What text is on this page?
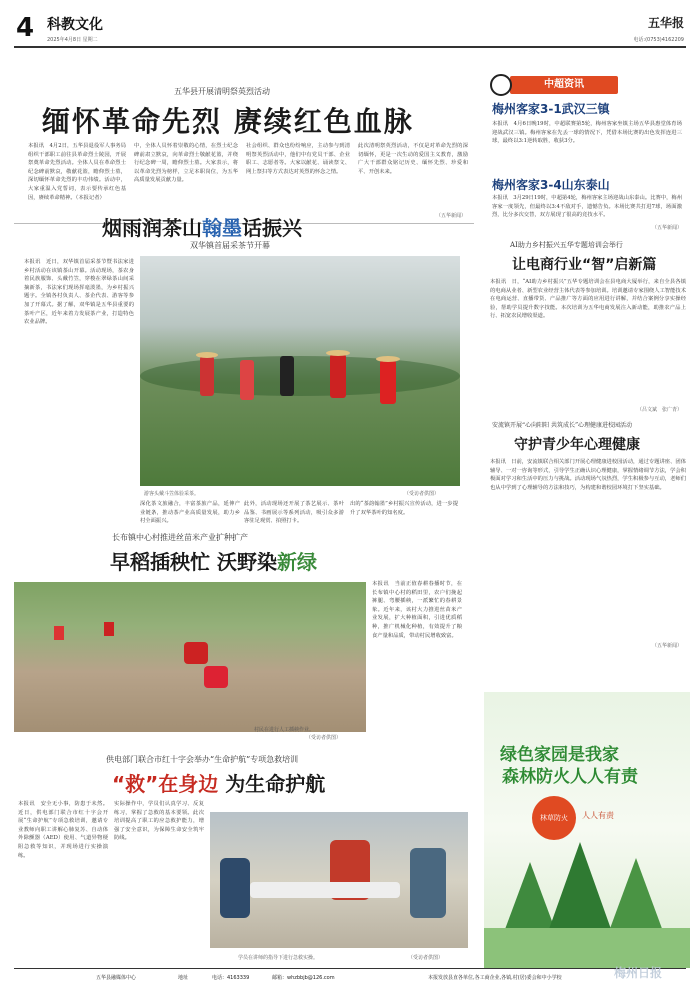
4 科教文化
2025年4月8日 星期二
五华报
电话:(0753)4162209
五华县开展清明祭英烈活动
缅怀革命先烈 赓续红色血脉
本报讯　4月2日，五华县退役军人事务局组织干部职工前往县革命烈士陵园，开展祭奠革命先烈活动。全体人员在革命烈士纪念碑前默哀，敬献花篮，瞻仰烈士墓，深切缅怀革命先烈的丰功伟绩。活动中，大家重温入党誓词，表示要传承红色基因，赓续革命精神。（本报记者）
中，全体人员怀着崇敬的心情，在烈士纪念碑前肃立默哀，向革命烈士敬献花篮，并绕行纪念碑一周，瞻仰烈士墓。大家表示，将以革命先烈为榜样，立足本职岗位，为五华高质量发展贡献力量。
社会组织、群众也纷纷响应，主动参与到清明祭英烈活动中，他们中有党员干部、企业职工、志愿者等。大家以献花、诵读祭文、网上祭扫等方式表达对英烈的怀念之情。
此次清明祭英烈活动，不仅是对革命先烈的深切缅怀，更是一次生动的爱国主义教育，激励广大干部群众铭记历史、缅怀先烈、珍爱和平、开创未来。
（五华新闻）
中超资讯
梅州客家3-1武汉三镇
本报讯　4月6日晚19时，中超联赛第5轮，梅州客家坐镇主场五华县惠堂体育场迎战武汉三镇。梅州客家在先丢一球的情况下，凭借本场比赛的出色发挥连进三球，最终以3:1逆转取胜，收获3分。
梅州客家3-4山东泰山
本报讯　3月29日19时，中超第4轮，梅州客家主场迎战山东泰山。比赛中，梅州客家一度领先，但最终以3:4不敌对手，遗憾告负。本场比赛共打进7球，场面激烈，比分多次交替，双方展现了很高的竞技水平。
（五华新闻）
烟雨润茶山翰墨话振兴
双华镇首届采茶节开幕
本报讯　近日，双华镇首届采茶节暨书法家进乡村活动在该镇茶山开幕。活动现场，茶农身着民族服饰、头戴竹笠，穿梭在翠绿茶山间采摘新茶，书法家们现场挥毫泼墨，为乡村振兴题字。全镇各村负责人、茶企代表、游客等参加了开幕式。据了解，双华镇是五华县重要的茶叶产区，近年来着力发展茶产业，打造特色农业品牌。
游客头戴斗笠体验采茶。	（受访者供图）
深化茶文旅融合，丰富茶旅产品，延伸产业链条，推动茶产业高质量发展，助力乡村全面振兴。
此外，活动现场还开展了茶艺展示、茶叶品鉴、书画展示等系列活动，吸引众多游客驻足观赏、拍照打卡。
出的“茶韵翰墨”乡村振兴宣传活动，进一步提升了双华茶叶的知名度。
AI助力乡村振兴五华专题培训会举行
让电商行业“智”启新篇
本报讯　日，“AI助力乡村振兴”五华专题培训会在县电商大厦举行，来自全县各镇的电商从业者、新型农业经营主体代表等参加培训。培训邀请专家围绕人工智能技术在电商运营、直播带货、产品推广等方面的应用进行讲解，并结合案例分享实操经验，帮助学员提升数字技能。本次培训为五华电商发展注入新动能，助推农产品上行、拓宽农民增收渠道。
（吕文斌　张广青）
安流镇开展“心向阳阳 共筑成长”心理健康进校园活动
守护青少年心理健康
本报讯　日前，安流镇联合相关部门开展心理健康进校园活动，通过专题讲座、团体辅导、一对一咨询等形式，引导学生正确认识心理健康，掌握情绪调节方法，学会积极面对学习和生活中的压力与挑战。活动现场气氛热烈，学生积极参与互动，老师们也从中学到了心理辅导的方法和技巧，为构建和谐校园环境打下坚实基础。
（五华新闻）
长布镇中心村推进丝苗米产业扩种扩产
早稻插秧忙 沃野染新绿
村民在进行人工插秧作业。
（受访者供图）
本报讯　当前正值春耕春播时节，在长布镇中心村的稻田里，农户们挽起裤腿、弯腰插秧，一派繁忙的春耕景象。近年来，该村大力推进丝苗米产业发展，扩大种植面积，引进优质稻种，推广机械化种植，有效提升了粮食产量和品质，带动村民增收致富。
供电部门联合市红十字会举办“生命护航”专项急救培训
“救”在身边 为生命护航
本报讯　安全无小事，防患于未然。近日，供电部门联合市红十字会开展“生命护航”专项急救培训，邀请专业教师向职工讲解心肺复苏、自动体外除颤器（AED）使用、气道异物梗阻急救等知识，并现场进行实操演练。
实际操作中，学员们认真学习、反复练习，掌握了急救的基本要领。此次培训提高了职工的应急救护能力，增强了安全意识，为保障生命安全筑牢防线。
学员在讲师的指导下进行急救实操。	（受访者供图）
绿色家园是我家
森林防火人人有责
林草防火	人人有责
五华县融媒体中心	地址	电话：4163339	邮箱：whzbbjb@126.com	本报发放县直各单位,各工商企业,各镇,村(居)委会和中小学校	梅州日报
